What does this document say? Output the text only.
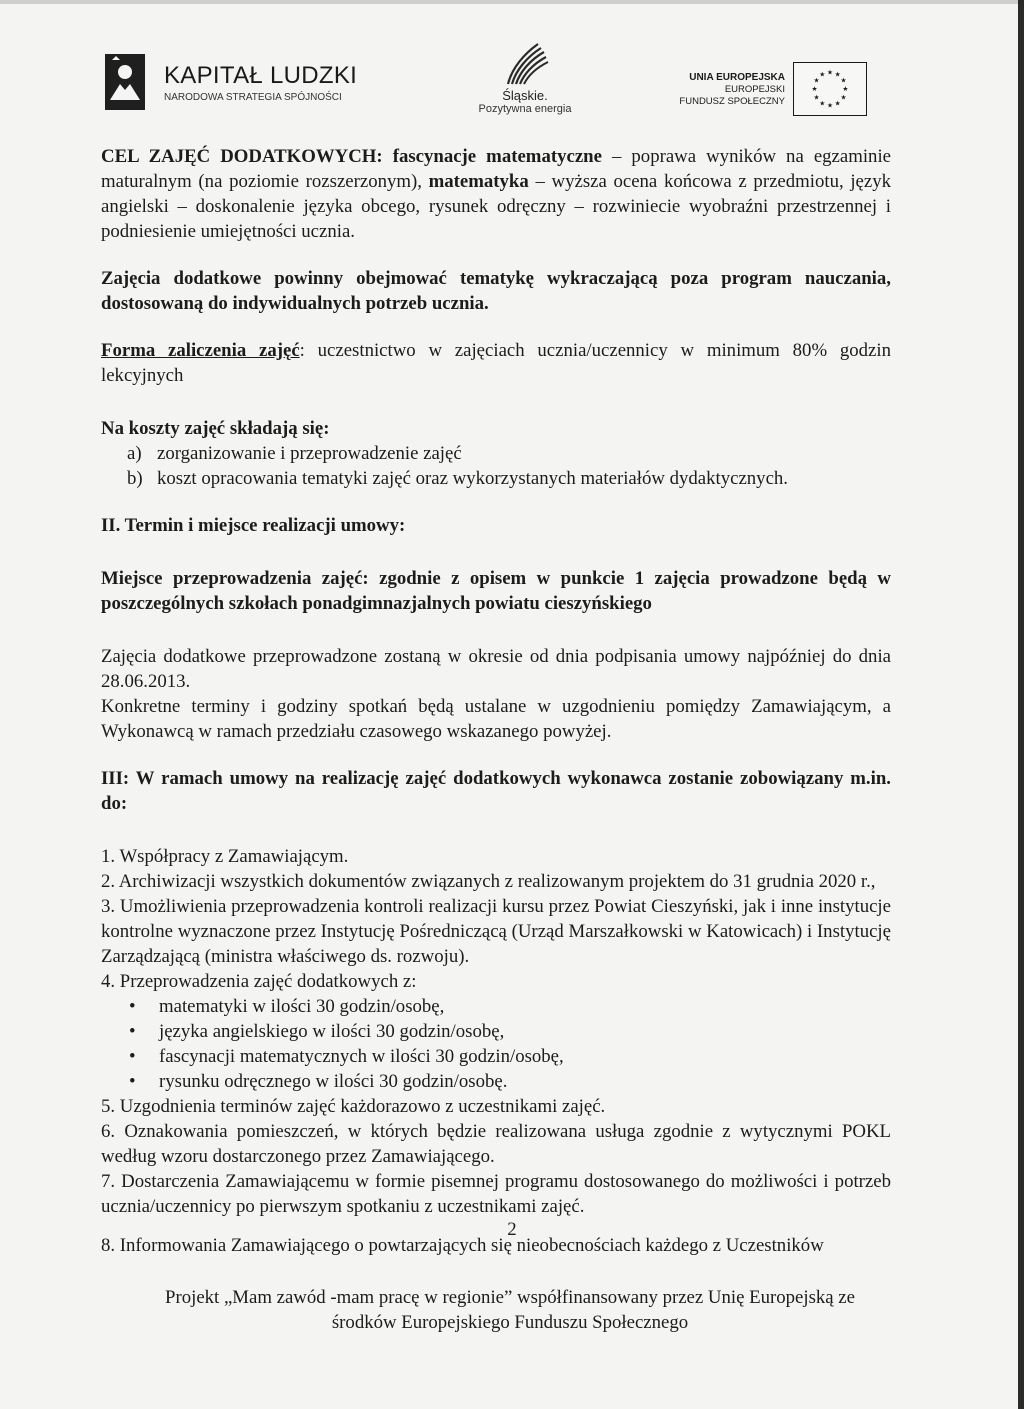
KAPITAŁ LUDZKI
NARODOWA STRATEGIA SPÓJNOŚCI	Śląskie.
Pozytywna energia
UNIA EUROPEJSKA
EUROPEJSKI
FUNDUSZ SPOŁECZNY
★ ★
★
★
★
★
★
★
★
★
★
★

CEL ZAJĘĆ DODATKOWYCH: fascynacje matematyczne – poprawa wyników na egzaminie maturalnym (na poziomie rozszerzonym), matematyka – wyższa ocena końcowa z przedmiotu, język angielski – doskonalenie języka obcego, rysunek odręczny – rozwiniecie wyobraźni przestrzennej i podniesienie umiejętności ucznia.

Zajęcia dodatkowe powinny obejmować tematykę wykraczającą poza program nauczania, dostosowaną do indywidualnych potrzeb ucznia.

Forma zaliczenia zajęć: uczestnictwo w zajęciach ucznia/uczennicy w minimum 80% godzin lekcyjnych

Na koszty zajęć składają się:

a) zorganizowanie i przeprowadzenie zajęć
b) koszt opracowania tematyki zajęć oraz wykorzystanych materiałów dydaktycznych.

II. Termin i miejsce realizacji umowy:

Miejsce przeprowadzenia zajęć: zgodnie z opisem w punkcie 1 zajęcia prowadzone będą w poszczególnych szkołach ponadgimnazjalnych powiatu cieszyńskiego

Zajęcia dodatkowe przeprowadzone zostaną w okresie od dnia podpisania umowy najpóźniej do dnia 28.06.2013.

Konkretne terminy i godziny spotkań będą ustalane w uzgodnieniu pomiędzy Zamawiającym, a Wykonawcą w ramach przedziału czasowego wskazanego powyżej.

III: W ramach umowy na realizację zajęć dodatkowych wykonawca zostanie zobowiązany m.in. do:

1. Współpracy z Zamawiającym.

2. Archiwizacji wszystkich dokumentów związanych z realizowanym projektem do 31 grudnia 2020 r.,

3. Umożliwienia przeprowadzenia kontroli realizacji kursu przez Powiat Cieszyński, jak i inne instytucje kontrolne wyznaczone przez Instytucję Pośredniczącą (Urząd Marszałkowski w Katowicach) i Instytucję Zarządzającą (ministra właściwego ds. rozwoju).

4. Przeprowadzenia zajęć dodatkowych z:

• matematyki w ilości 30 godzin/osobę,
• języka angielskiego w ilości 30 godzin/osobę,
• fascynacji matematycznych w ilości 30 godzin/osobę,
• rysunku odręcznego w ilości 30 godzin/osobę.

5. Uzgodnienia terminów zajęć każdorazowo z uczestnikami zajęć.

6. Oznakowania pomieszczeń, w których będzie realizowana usługa zgodnie z wytycznymi POKL według wzoru dostarczonego przez Zamawiającego.

7. Dostarczenia Zamawiającemu w formie pisemnej programu dostosowanego do możliwości i potrzeb ucznia/uczennicy po pierwszym spotkaniu z uczestnikami zajęć.

8. Informowania Zamawiającego o powtarzających się nieobecnościach każdego z Uczestników

2
Projekt „Mam zawód -mam pracę w regionie” współfinansowany przez Unię Europejską ze
środków Europejskiego Funduszu Społecznego
